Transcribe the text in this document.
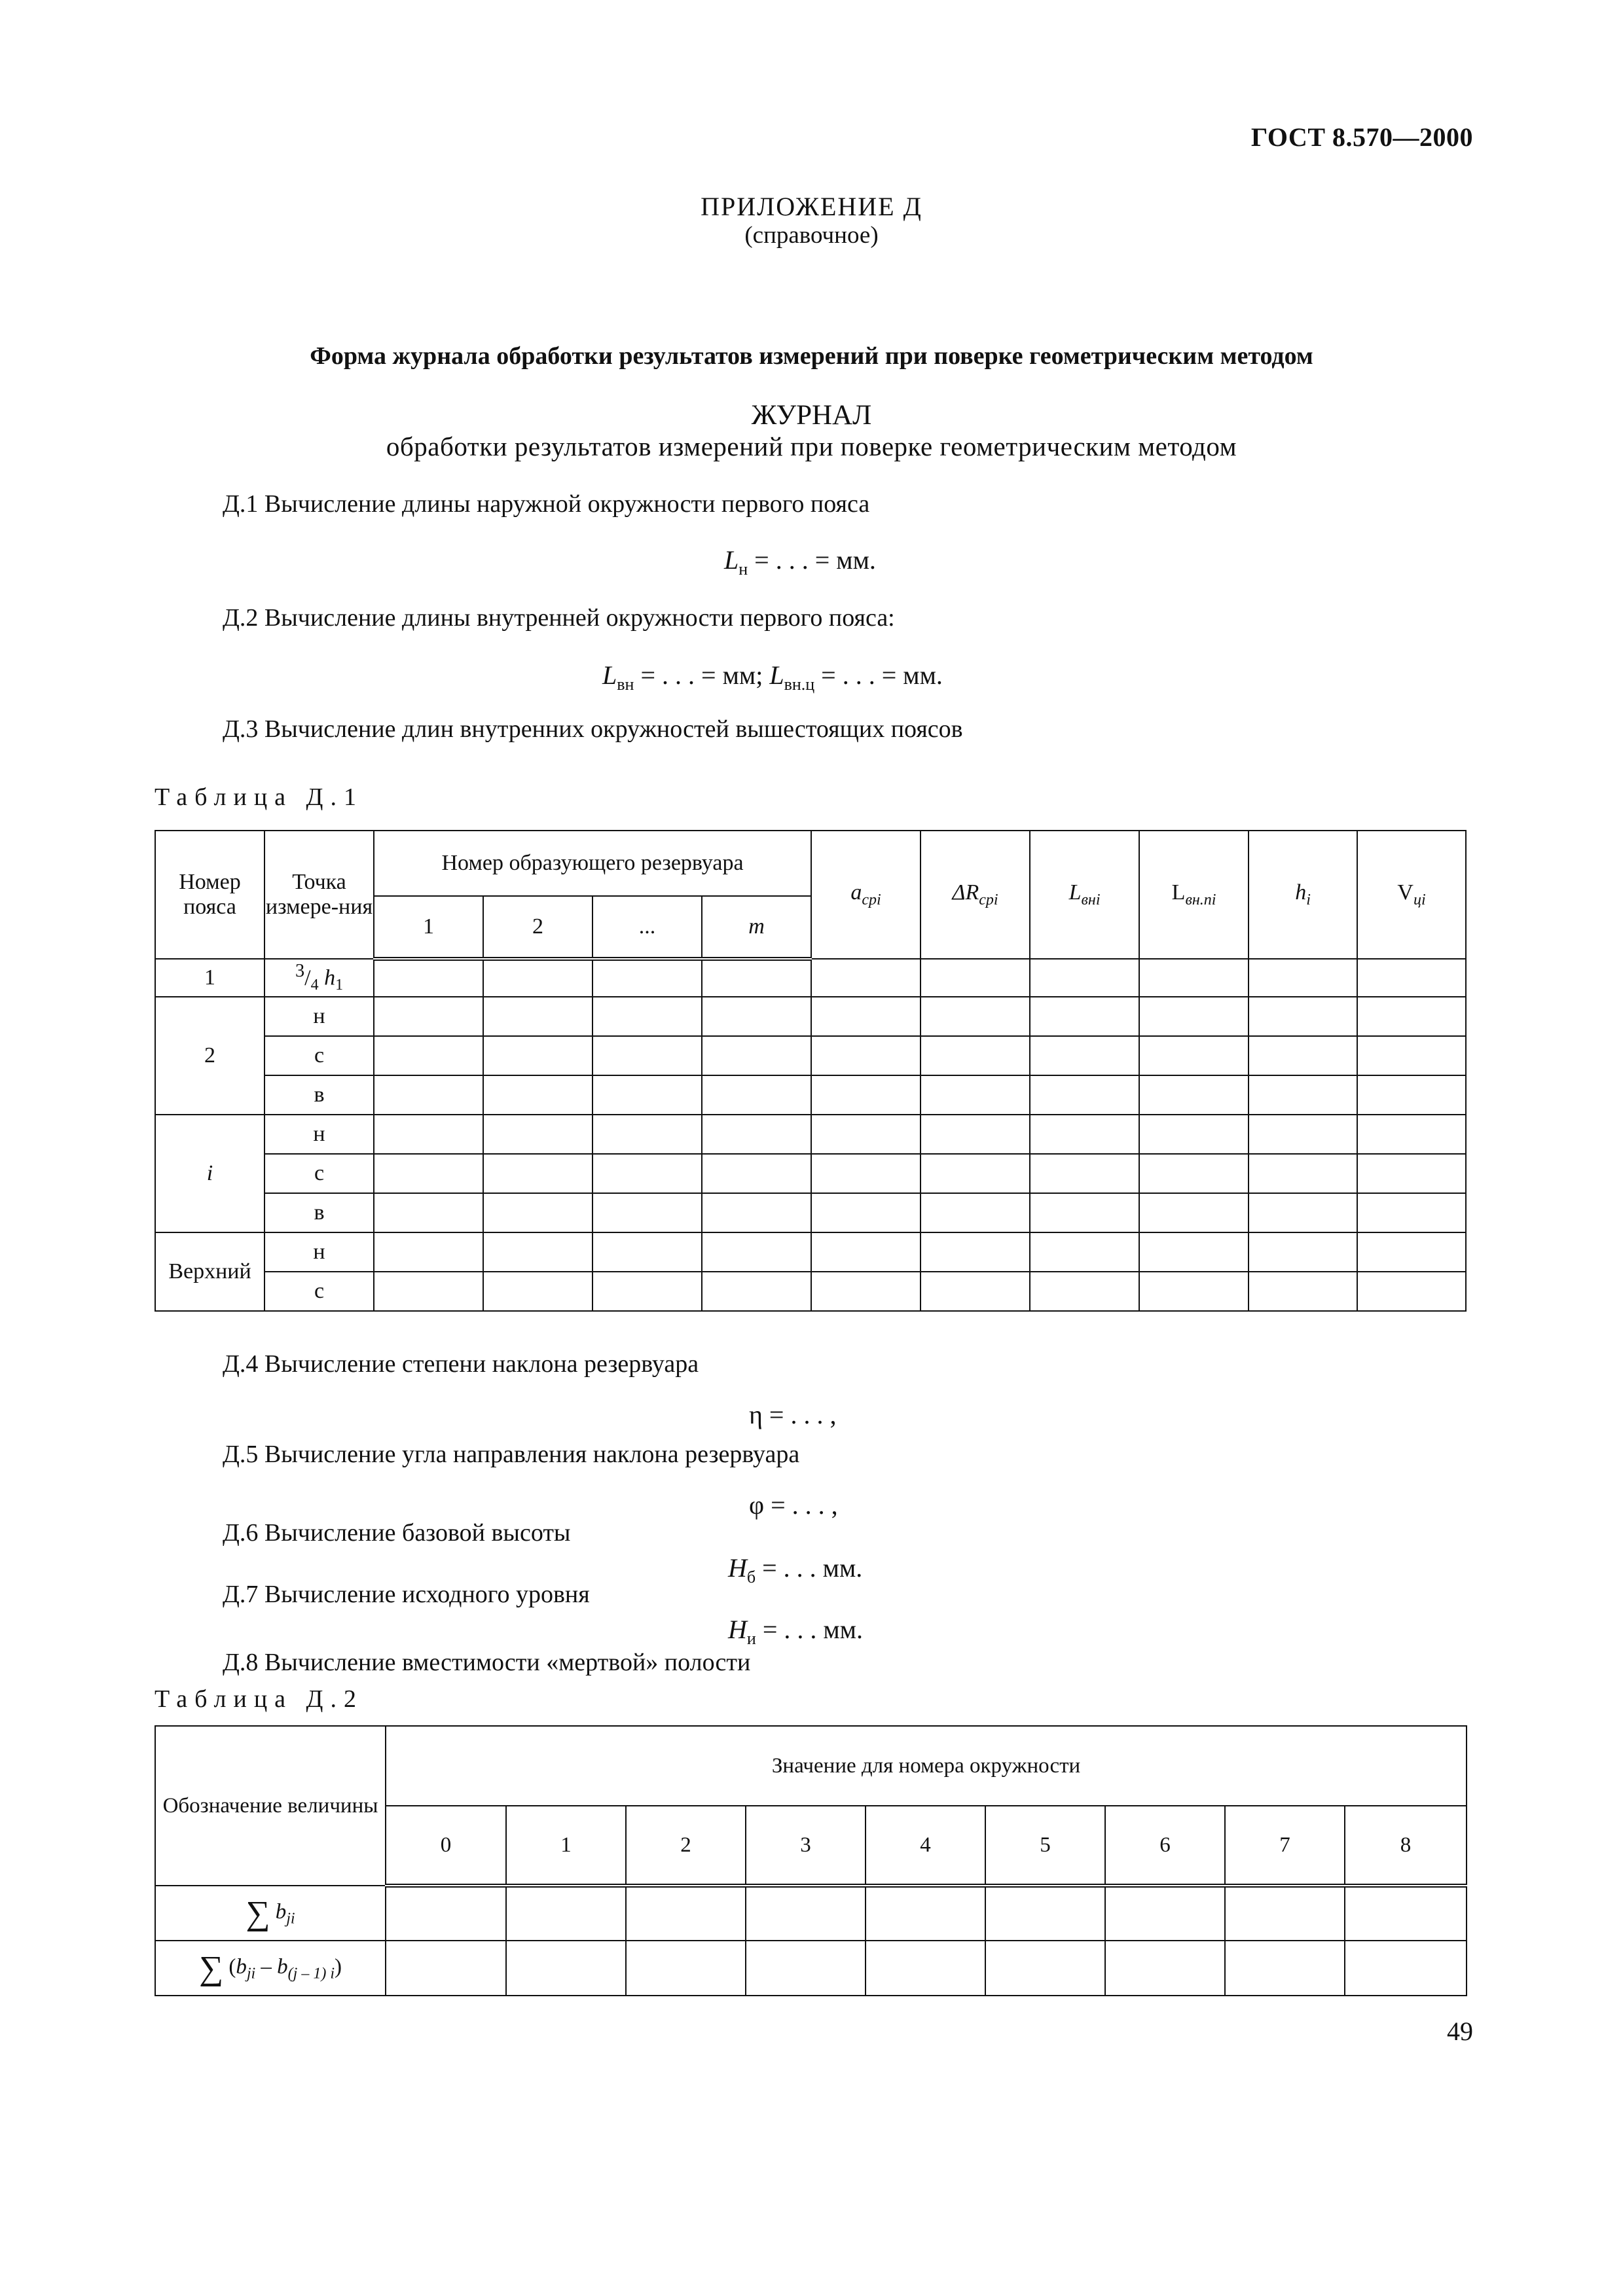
ГОСТ 8.570—2000
ПРИЛОЖЕНИЕ Д
(справочное)
Форма журнала обработки результатов измерений при поверке геометрическим методом
ЖУРНАЛ
обработки результатов измерений при поверке геометрическим методом
Д.1 Вычисление длины наружной окружности первого пояса
$L_н$ = . . . = мм.
Д.2 Вычисление длины внутренней окружности первого пояса:
$L_{вн}$ = . . . = мм; $L_{вн.ц}$ = . . . = мм.
Д.3 Вычисление длин внутренних окружностей вышестоящих поясов
Таблица Д.1
Номер пояса	Точка измере-ния	Номер образующего резервуара				$a_{срi}$	$\Delta R_{срi}$	$L_{внi}$	$L_{вн.пi}$	$h_i$	$V_{цi}$
		1	2	...	m						
1	$^3/_4$ $h_1$										
2	н										
	с										
	в										
i	н										
	с										
	в										
Верхний	н										
	с										
Д.4 Вычисление степени наклона резервуара
η = . . . ,
Д.5 Вычисление угла направления наклона резервуара
φ = . . . ,
Д.6 Вычисление базовой высоты
$H_б$ = . . . мм.
Д.7 Вычисление исходного уровня
$H_и$ = . . . мм.
Д.8 Вычисление вместимости «мертвой» полости
Таблица Д.2
Обозначение величины	Значение для номера окружности								
	0	1	2	3	4	5	6	7	8
∑ $b_{ji}$									
∑ $(b_{ji} - b_{(j - 1) i})$									
49
